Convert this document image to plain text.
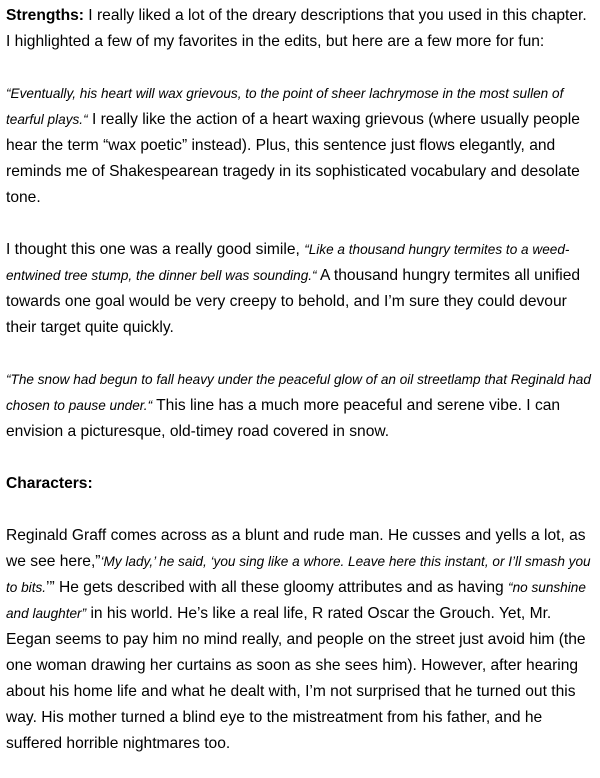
Strengths: I really liked a lot of the dreary descriptions that you used in this chapter. I highlighted a few of my favorites in the edits, but here are a few more for fun:

“Eventually, his heart will wax grievous, to the point of sheer lachrymose in the most sullen of tearful plays.“ I really like the action of a heart waxing grievous (where usually people hear the term “wax poetic” instead). Plus, this sentence just flows elegantly, and reminds me of Shakespearean tragedy in its sophisticated vocabulary and desolate tone.

I thought this one was a really good simile, “Like a thousand hungry termites to a weed-entwined tree stump, the dinner bell was sounding.“ A thousand hungry termites all unified towards one goal would be very creepy to behold, and I’m sure they could devour their target quite quickly.

“The snow had begun to fall heavy under the peaceful glow of an oil streetlamp that Reginald had chosen to pause under.“ This line has a much more peaceful and serene vibe. I can envision a picturesque, old-timey road covered in snow.

Characters:

Reginald Graff comes across as a blunt and rude man. He cusses and yells a lot, as we see here,”‘My lady,’ he said, ‘you sing like a whore. Leave here this instant, or I’ll smash you to bits.’” He gets described with all these gloomy attributes and as having “no sunshine and laughter” in his world. He’s like a real life, R rated Oscar the Grouch. Yet, Mr. Eegan seems to pay him no mind really, and people on the street just avoid him (the one woman drawing her curtains as soon as she sees him). However, after hearing about his home life and what he dealt with, I’m not surprised that he turned out this way. His mother turned a blind eye to the mistreatment from his father, and he suffered horrible nightmares too.
